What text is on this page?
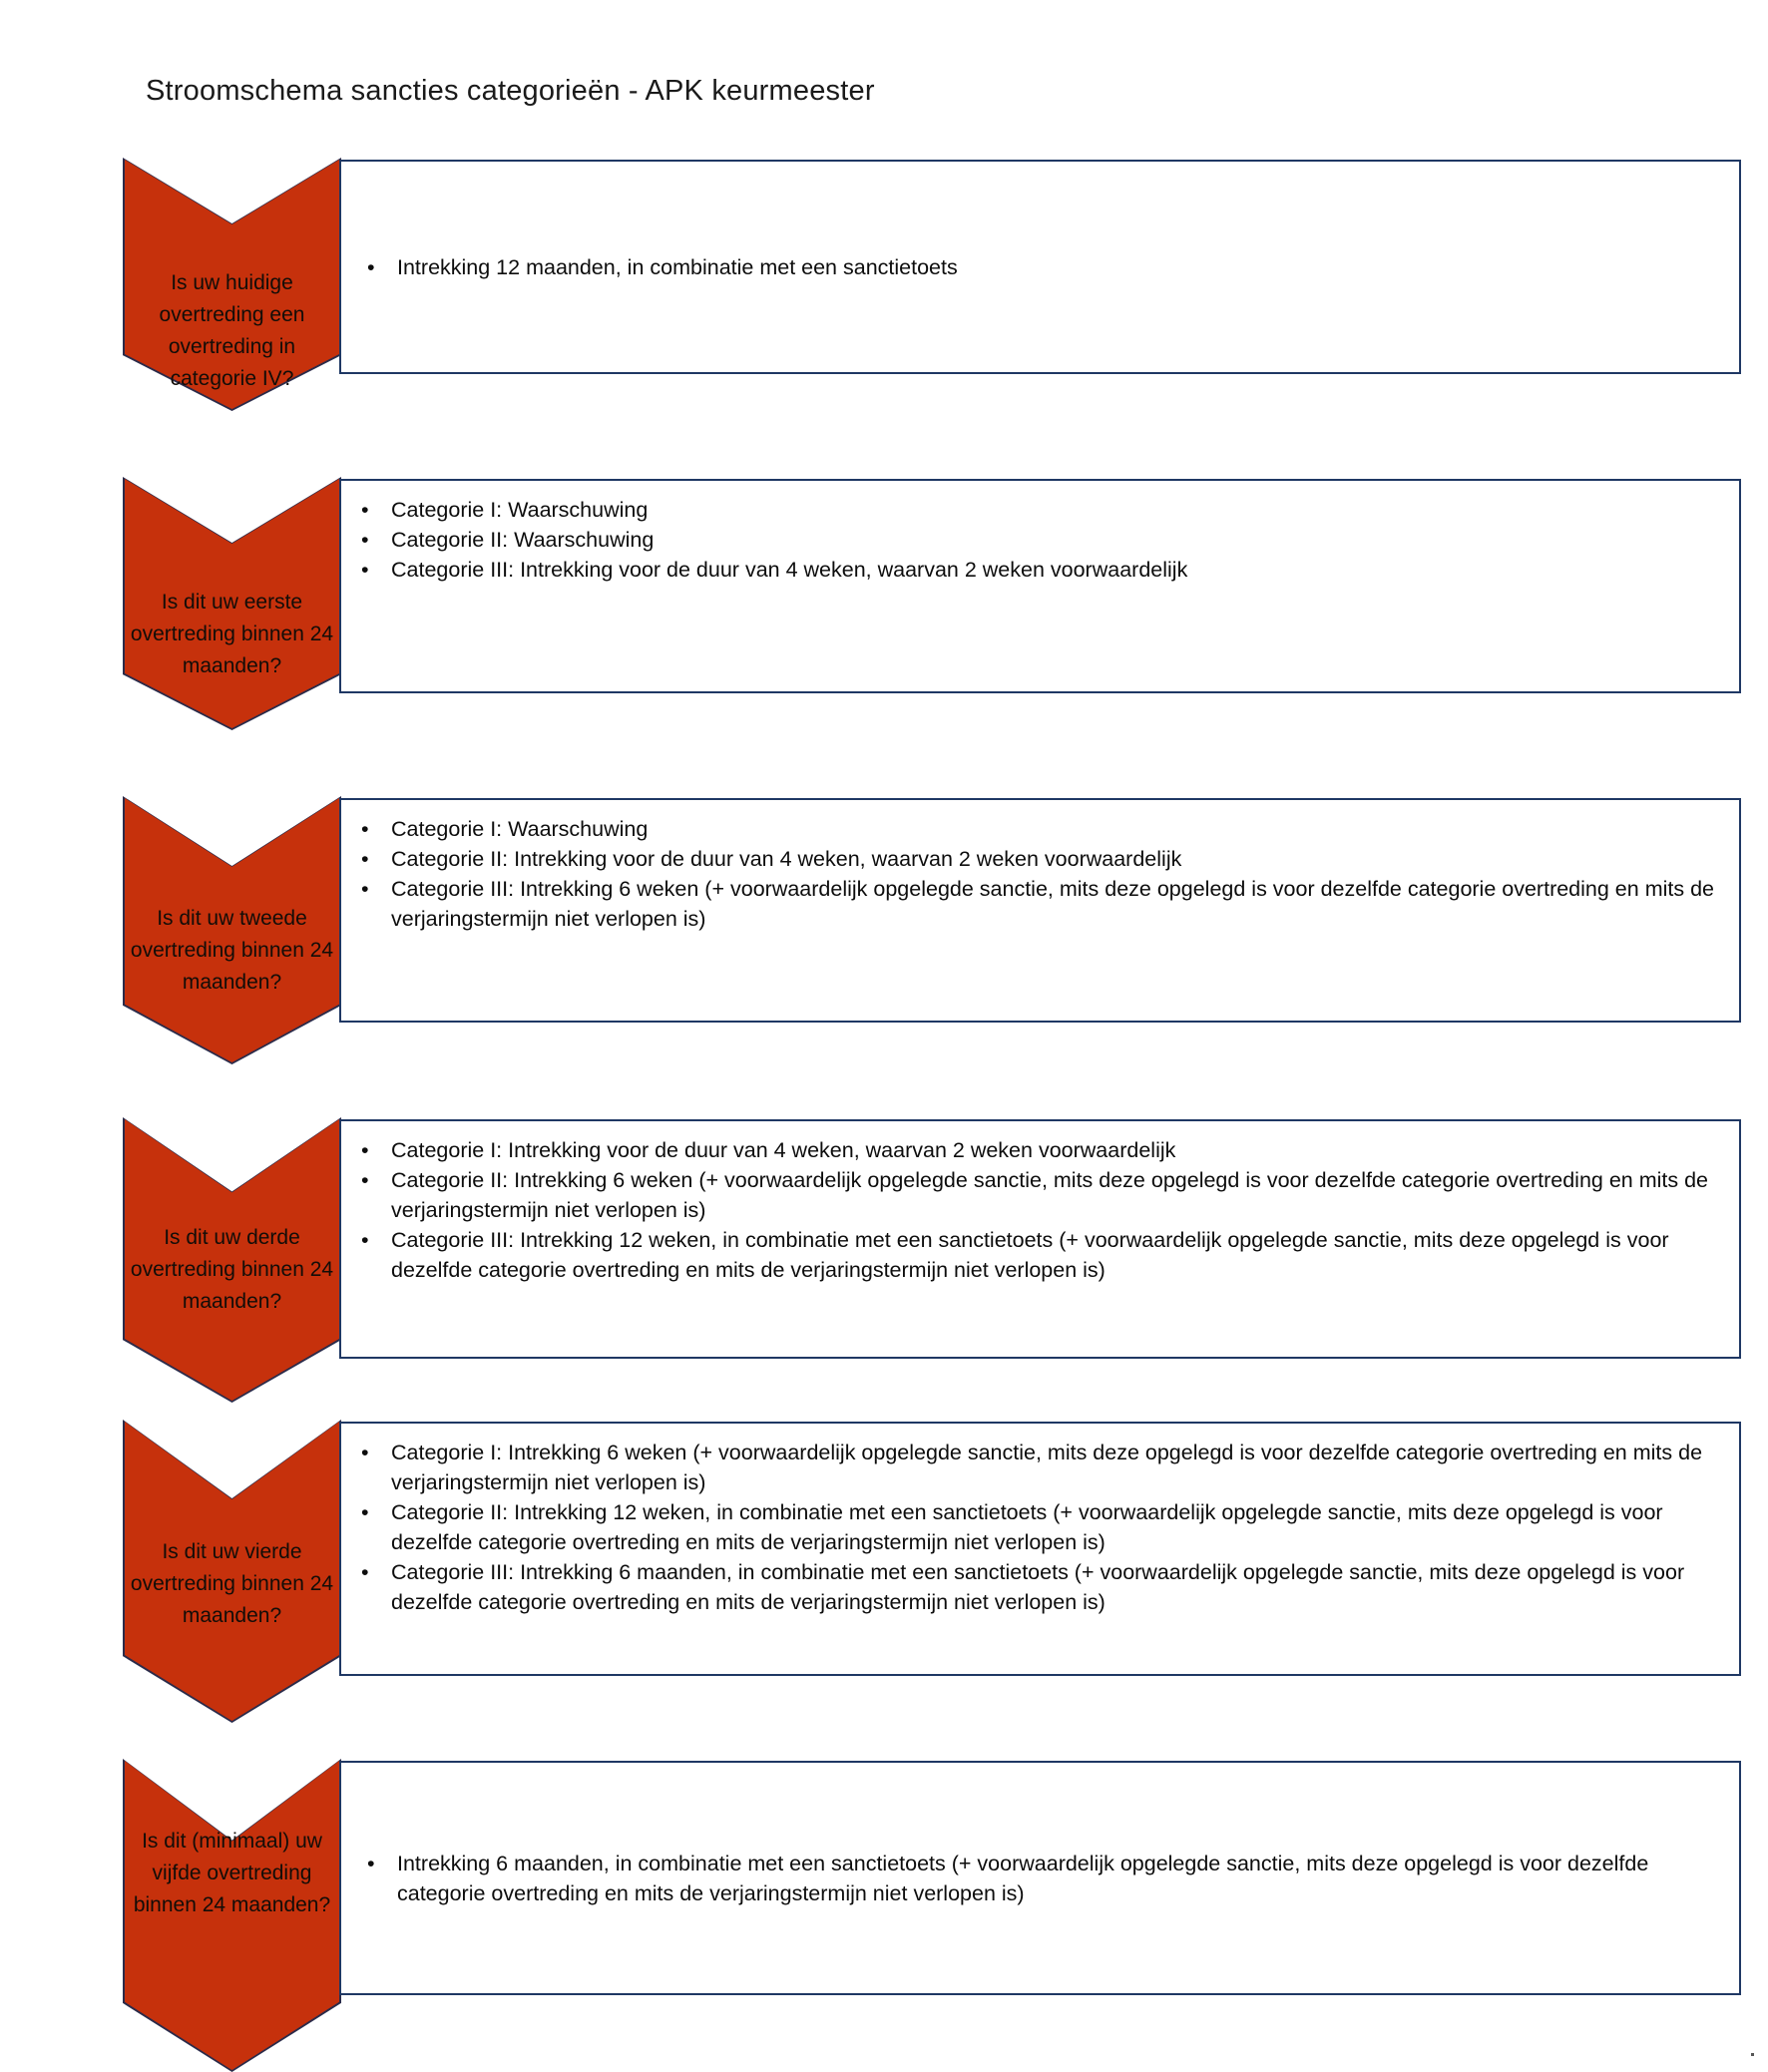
Stroomschema sancties categorieën - APK keurmeester
• Intrekking 12 maanden, in combinatie met een sanctietoets
Is uw huidige overtreding een overtreding in categorie IV?
• Categorie I: Waarschuwing
• Categorie II: Waarschuwing
• Categorie III: Intrekking voor de duur van 4 weken, waarvan 2 weken voorwaardelijk
Is dit uw eerste overtreding binnen 24 maanden?
• Categorie I: Waarschuwing
• Categorie II: Intrekking voor de duur van 4 weken, waarvan 2 weken voorwaardelijk
• Categorie III: Intrekking 6 weken (+ voorwaardelijk opgelegde sanctie, mits deze opgelegd is voor dezelfde categorie overtreding en mits de verjaringstermijn niet verlopen is)
Is dit uw tweede overtreding binnen 24 maanden?
• Categorie I: Intrekking voor de duur van 4 weken, waarvan 2 weken voorwaardelijk
• Categorie II: Intrekking 6 weken (+ voorwaardelijk opgelegde sanctie, mits deze opgelegd is voor dezelfde categorie overtreding en mits de verjaringstermijn niet verlopen is)
• Categorie III: Intrekking 12 weken, in combinatie met een sanctietoets (+ voorwaardelijk opgelegde sanctie, mits deze opgelegd is voor dezelfde categorie overtreding en mits de verjaringstermijn niet verlopen is)
Is dit uw derde overtreding binnen 24 maanden?
• Categorie I: Intrekking 6 weken (+ voorwaardelijk opgelegde sanctie, mits deze opgelegd is voor dezelfde categorie overtreding en mits de verjaringstermijn niet verlopen is)
• Categorie II: Intrekking 12 weken, in combinatie met een sanctietoets (+ voorwaardelijk opgelegde sanctie, mits deze opgelegd is voor dezelfde categorie overtreding en mits de verjaringstermijn niet verlopen is)
• Categorie III: Intrekking 6 maanden, in combinatie met een sanctietoets (+ voorwaardelijk opgelegde sanctie, mits deze opgelegd is voor dezelfde categorie overtreding en mits de verjaringstermijn niet verlopen is)
Is dit uw vierde overtreding binnen 24 maanden?
• Intrekking 6 maanden, in combinatie met een sanctietoets (+ voorwaardelijk opgelegde sanctie, mits deze opgelegd is voor dezelfde categorie overtreding en mits de verjaringstermijn niet verlopen is)
Is dit (minimaal) uw vijfde overtreding binnen 24 maanden?
